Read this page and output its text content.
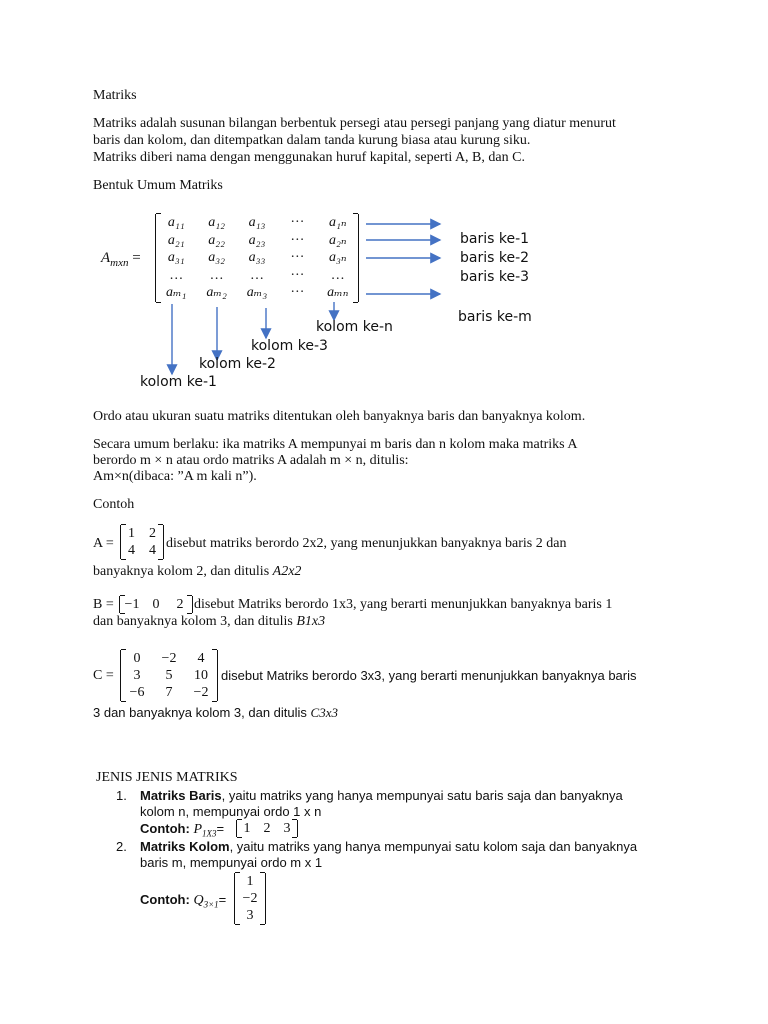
Matriks
Matriks adalah susunan bilangan berbentuk persegi atau persegi panjang yang diatur menurut
baris dan kolom, dan ditempatkan dalam tanda kurung biasa atau kurung siku.
Matriks diberi nama dengan menggunakan huruf kapital, seperti A, B, dan C.
Bentuk Umum Matriks
$A_{mxn}$ =
a₁₁	a₁₂	a₁₃	···	a₁ₙ
a₂₁	a₂₂	a₂₃	···	a₂ₙ
a₃₁	a₃₂	a₃₃	···	a₃ₙ
…	…	…	···	…
aₘ₁	aₘ₂	aₘ₃	···	aₘₙ
baris ke-1
baris ke-2
baris ke-3
baris ke-m
kolom ke-1
kolom ke-2
kolom ke-3
kolom ke-n
Ordo atau ukuran suatu matriks ditentukan oleh banyaknya baris dan banyaknya kolom.
Secara umum berlaku: ika matriks A mempunyai m baris dan n kolom maka matriks A
berordo m × n atau ordo matriks A adalah m × n, ditulis:
Am×n(dibaca: ”A m kali n”).
Contoh
A =
1	2
4	4 disebut matriks berordo 2x2, yang menunjukkan banyaknya baris 2 dan
banyaknya kolom 2, dan ditulis A2x2
B = −1 0	2 disebut Matriks berordo 1x3, yang berarti menunjukkan banyaknya baris 1
dan banyaknya kolom 3, dan ditulis B1x3
C =
0	−2	4
3	5	10
−6	7	−2
disebut Matriks berordo 3x3, yang berarti menunjukkan banyaknya baris
3 dan banyaknya kolom 3, dan ditulis C3x3
JENIS JENIS MATRIKS
1. Matriks Baris, yaitu matriks yang hanya mempunyai satu baris saja dan banyaknya
kolom n, mempunyai ordo 1 x n
Contoh: $P_{1X3}=$	1 2 3
2. Matriks Kolom, yaitu matriks yang hanya mempunyai satu kolom saja dan banyaknya
baris m, mempunyai ordo m x 1
Contoh: $Q_{3\times 1}=$
1
−2
3
